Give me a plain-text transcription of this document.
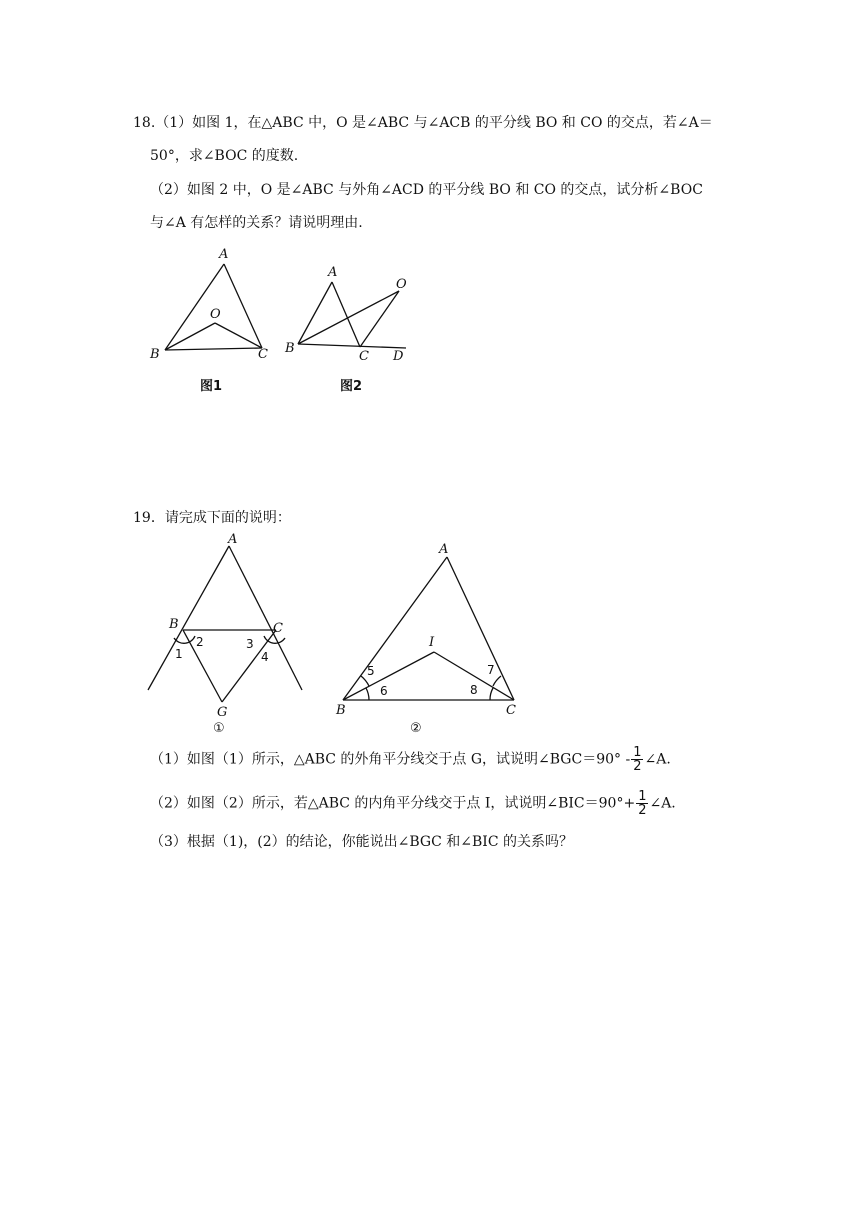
18.（1）如图 1，在△ABC 中，O 是∠ABC 与∠ACB 的平分线 BO 和 CO 的交点，若∠A＝
50°，求∠BOC 的度数.
（2）如图 2 中，O 是∠ABC 与外角∠ACD 的平分线 BO 和 CO 的交点，试分析∠BOC
与∠A 有怎样的关系？请说明理由.
A
O
B	C
图1
A
O
B
C D
图2
19．请完成下面的说明：
A
B	C
G
1
2	3
4
①
A
I
B	C
5
6
7
8
②
（1）如图（1）所示，△ABC 的外角平分线交于点 G，试说明∠BGC＝90° - $\frac{1}{2}$ ∠A.
（2）如图（2）所示，若△ABC 的内角平分线交于点 I，试说明∠BIC＝90°+ $\frac{1}{2}$ ∠A.
（3）根据（1)，(2）的结论，你能说出∠BGC 和∠BIC 的关系吗？
